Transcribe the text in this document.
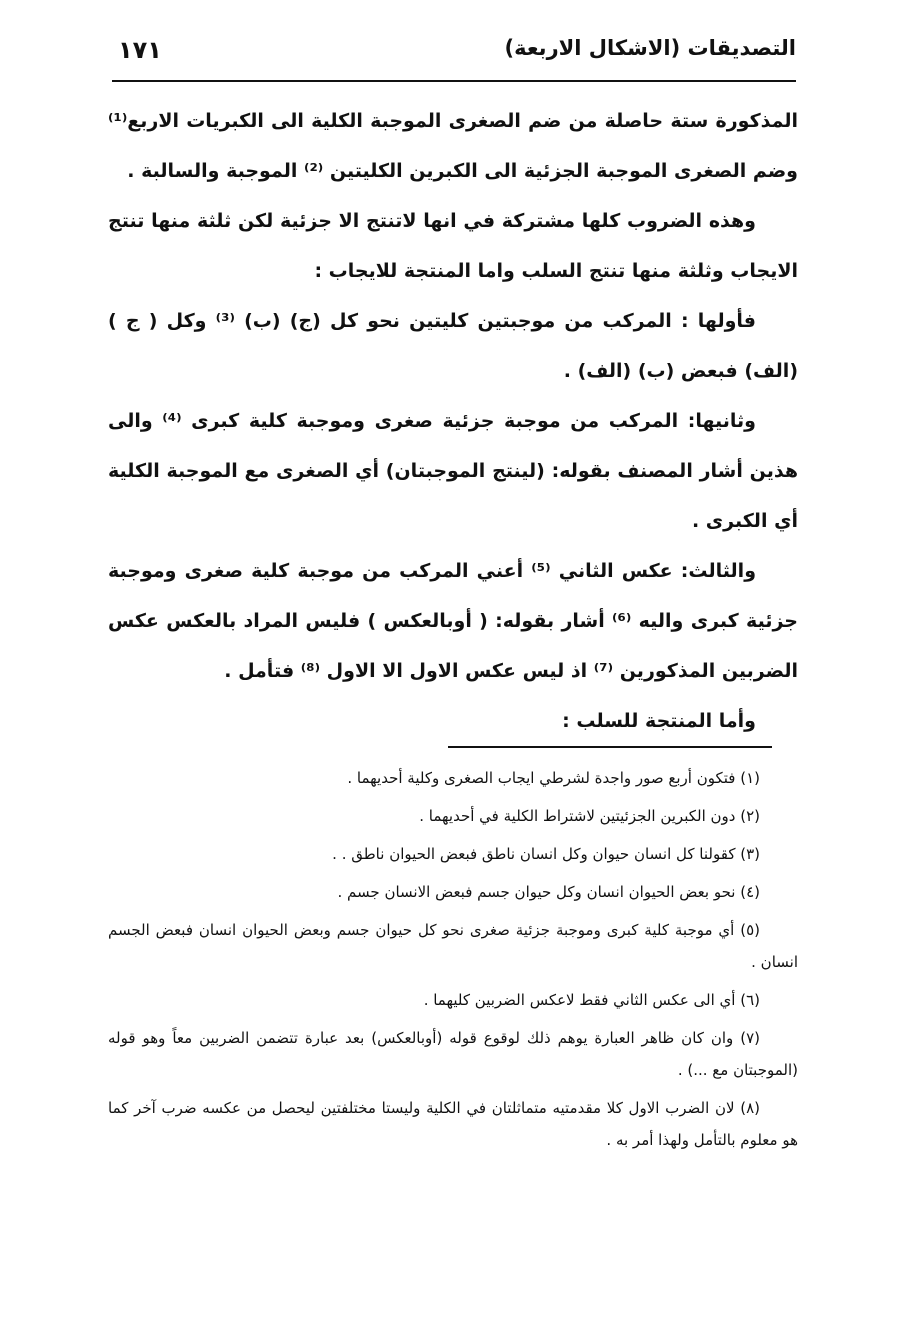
التصديقات (الاشكال الاربعة)
١٧١

المذكورة ستة حاصلة من ضم الصغرى الموجبة الكلية الى الكبريات الاربع⁽¹⁾ وضم الصغرى الموجبة الجزئية الى الكبرين الكليتين ⁽²⁾ الموجبة والسالبة .

وهذه الضروب كلها مشتركة في انها لاتنتج الا جزئية لكن ثلثة منها تنتج الايجاب وثلثة منها تنتج السلب واما المنتجة للايجاب :

فأولها : المركب من موجبتين كليتين نحو كل (ج) (ب) ⁽³⁾ وكل ( ج ) (الف) فبعض (ب) (الف) .

وثانيها: المركب من موجبة جزئية صغرى وموجبة كلية كبرى ⁽⁴⁾ والى هذين أشار المصنف بقوله: (لينتج الموجبتان) أي الصغرى مع الموجبة الكلية أي الكبرى .

والثالث: عكس الثاني ⁽⁵⁾ أعني المركب من موجبة كلية صغرى وموجبة جزئية كبرى واليه ⁽⁶⁾ أشار بقوله: ( أوبالعكس ) فليس المراد بالعكس عكس الضربين المذكورين ⁽⁷⁾ اذ ليس عكس الاول الا الاول ⁽⁸⁾ فتأمل .

وأما المنتجة للسلب :

(١) فتكون أربع صور واجدة لشرطي ايجاب الصغرى وكلية أحديهما .

(٢) دون الكبرين الجزئيتين لاشتراط الكلية في أحديهما .

(٣) كقولنا كل انسان حيوان وكل انسان ناطق فبعض الحيوان ناطق . .

(٤) نحو بعض الحيوان انسان وكل حيوان جسم فبعض الانسان جسم .

(٥) أي موجبة كلية كبرى وموجبة جزئية صغرى نحو كل حيوان جسم وبعض الحيوان انسان فبعض الجسم انسان .

(٦) أي الى عكس الثاني فقط لاعكس الضربين كليهما .

(٧) وان كان ظاهر العبارة يوهم ذلك لوقوع قوله (أوبالعكس) بعد عبارة تتضمن الضربين معاً وهو قوله (الموجبتان مع ...) .

(٨) لان الضرب الاول كلا مقدمتيه متماثلتان في الكلية وليستا مختلفتين ليحصل من عكسه ضرب آخر كما هو معلوم بالتأمل ولهذا أمر به .
